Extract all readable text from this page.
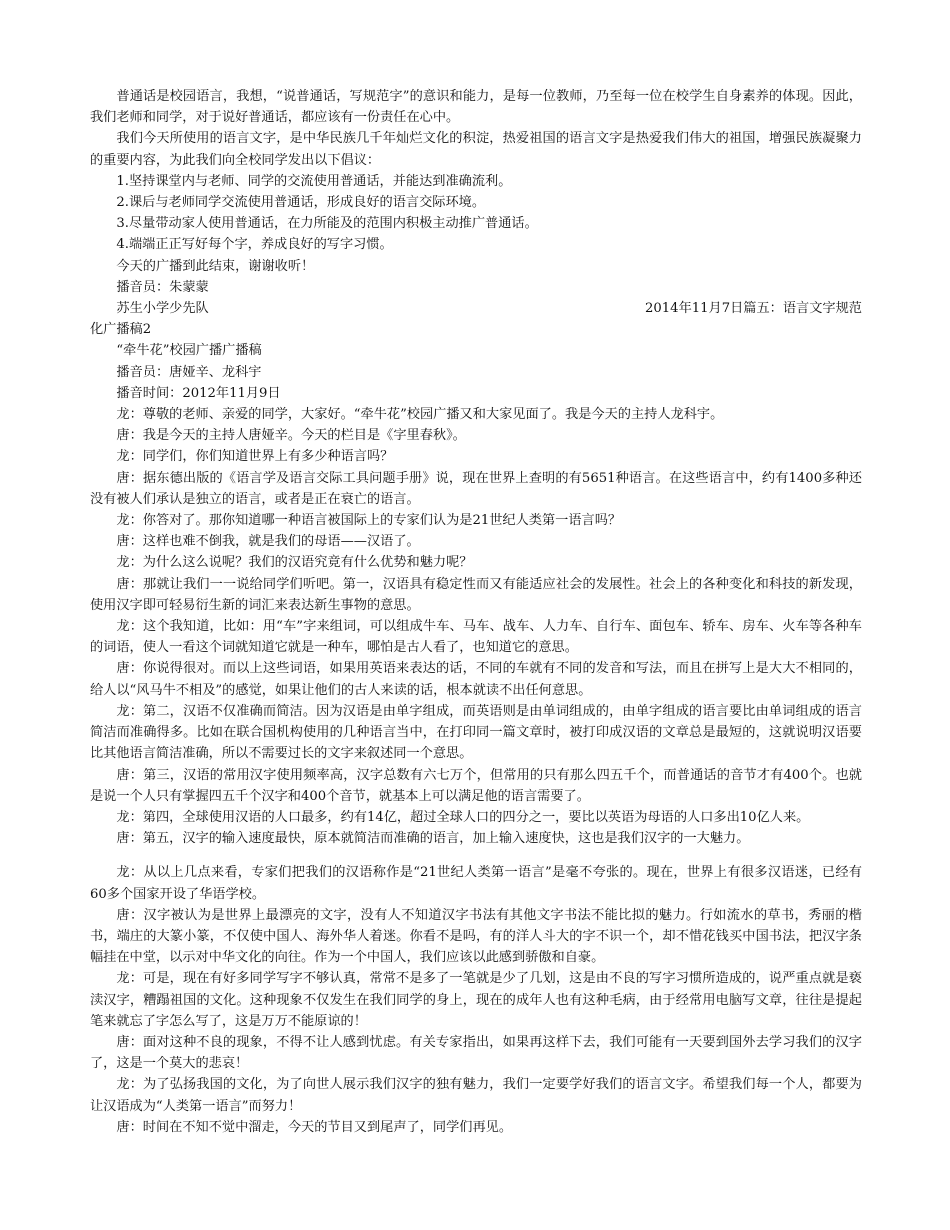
普通话是校园语言，我想，“说普通话，写规范字”的意识和能力，是每一位教师，乃至每一位在校学生自身素养的体现。因此，我们老师和同学，对于说好普通话，都应该有一份责任在心中。

我们今天所使用的语言文字，是中华民族几千年灿烂文化的积淀，热爱祖国的语言文字是热爱我们伟大的祖国，增强民族凝聚力的重要内容，为此我们向全校同学发出以下倡议：

1.坚持课堂内与老师、同学的交流使用普通话，并能达到准确流利。

2.课后与老师同学交流使用普通话，形成良好的语言交际环境。

3.尽量带动家人使用普通话，在力所能及的范围内积极主动推广普通话。

4.端端正正写好每个字，养成良好的写字习惯。

今天的广播到此结束，谢谢收听！

播音员：朱蒙蒙

苏生小学少先队	2014年11月7日篇五：语言文字规范
化广播稿2

“牵牛花”校园广播广播稿

播音员：唐娅辛、龙科宇

播音时间：2012年11月9日

龙：尊敬的老师、亲爱的同学，大家好。“牵牛花”校园广播又和大家见面了。我是今天的主持人龙科宇。

唐：我是今天的主持人唐娅辛。今天的栏目是《字里春秋》。

龙：同学们，你们知道世界上有多少种语言吗？

唐：据东德出版的《语言学及语言交际工具问题手册》说，现在世界上查明的有5651种语言。在这些语言中，约有1400多种还没有被人们承认是独立的语言，或者是正在衰亡的语言。

龙：你答对了。那你知道哪一种语言被国际上的专家们认为是21世纪人类第一语言吗？

唐：这样也难不倒我，就是我们的母语——汉语了。

龙：为什么这么说呢？我们的汉语究竟有什么优势和魅力呢？

唐：那就让我们一一说给同学们听吧。第一，汉语具有稳定性而又有能适应社会的发展性。社会上的各种变化和科技的新发现，使用汉字即可轻易衍生新的词汇来表达新生事物的意思。

龙：这个我知道，比如：用“车”字来组词，可以组成牛车、马车、战车、人力车、自行车、面包车、轿车、房车、火车等各种车的词语，使人一看这个词就知道它就是一种车，哪怕是古人看了，也知道它的意思。

唐：你说得很对。而以上这些词语，如果用英语来表达的话，不同的车就有不同的发音和写法，而且在拼写上是大大不相同的，给人以“风马牛不相及”的感觉，如果让他们的古人来读的话，根本就读不出任何意思。

龙：第二，汉语不仅准确而简洁。因为汉语是由单字组成，而英语则是由单词组成的，由单字组成的语言要比由单词组成的语言简洁而准确得多。比如在联合国机构使用的几种语言当中，在打印同一篇文章时，被打印成汉语的文章总是最短的，这就说明汉语要比其他语言简洁准确，所以不需要过长的文字来叙述同一个意思。

唐：第三，汉语的常用汉字使用频率高，汉字总数有六七万个，但常用的只有那么四五千个，而普通话的音节才有400个。也就是说一个人只有掌握四五千个汉字和400个音节，就基本上可以满足他的语言需要了。

龙：第四，全球使用汉语的人口最多，约有14亿，超过全球人口的四分之一，要比以英语为母语的人口多出10亿人来。

唐：第五，汉字的输入速度最快，原本就简洁而准确的语言，加上输入速度快，这也是我们汉字的一大魅力。

龙：从以上几点来看，专家们把我们的汉语称作是“21世纪人类第一语言”是毫不夸张的。现在，世界上有很多汉语迷，已经有60多个国家开设了华语学校。

唐：汉字被认为是世界上最漂亮的文字，没有人不知道汉字书法有其他文字书法不能比拟的魅力。行如流水的草书，秀丽的楷书，端庄的大篆小篆，不仅使中国人、海外华人着迷。你看不是吗，有的洋人斗大的字不识一个，却不惜花钱买中国书法，把汉字条幅挂在中堂，以示对中华文化的向往。作为一个中国人，我们应该以此感到骄傲和自豪。

龙：可是，现在有好多同学写字不够认真，常常不是多了一笔就是少了几划，这是由不良的写字习惯所造成的，说严重点就是亵渎汉字，糟蹋祖国的文化。这种现象不仅发生在我们同学的身上，现在的成年人也有这种毛病，由于经常用电脑写文章，往往是提起笔来就忘了字怎么写了，这是万万不能原谅的！

唐：面对这种不良的现象，不得不让人感到忧虑。有关专家指出，如果再这样下去，我们可能有一天要到国外去学习我们的汉字了，这是一个莫大的悲哀！

龙：为了弘扬我国的文化，为了向世人展示我们汉字的独有魅力，我们一定要学好我们的语言文字。希望我们每一个人，都要为让汉语成为“人类第一语言”而努力！

唐：时间在不知不觉中溜走，今天的节目又到尾声了，同学们再见。
